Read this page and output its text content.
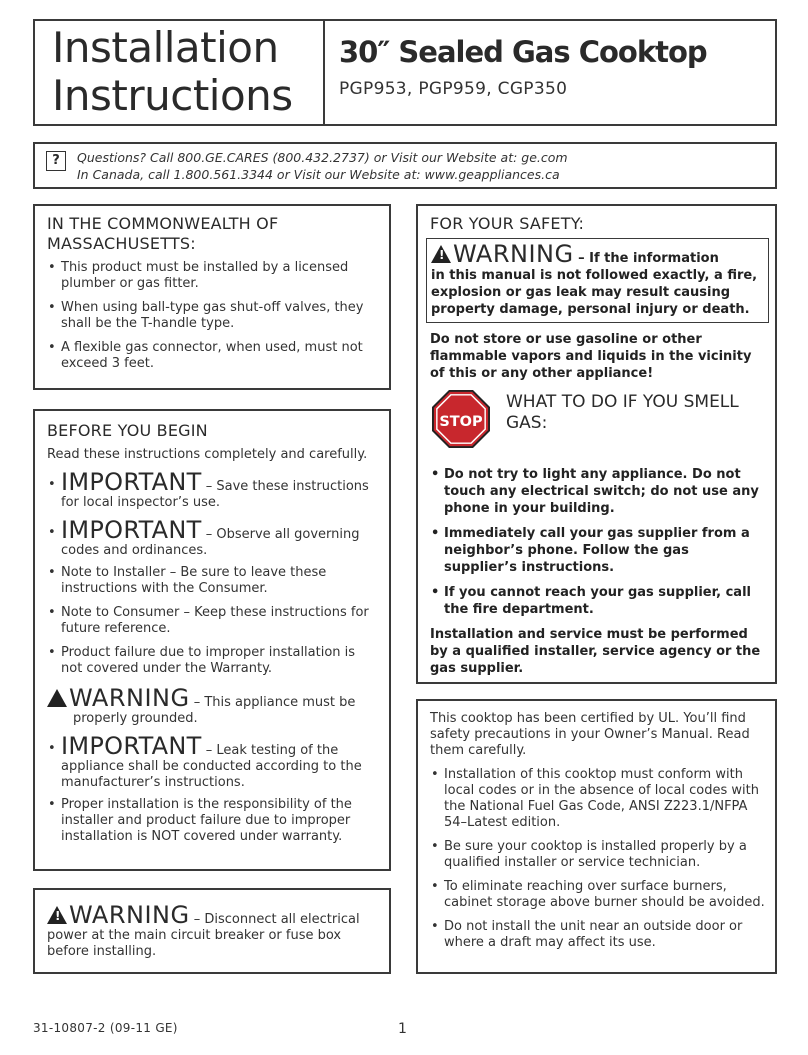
Installation
Instructions
30″ Sealed Gas Cooktop
PGP953, PGP959, CGP350
?	Questions? Call 800.GE.CARES (800.432.2737) or Visit our Website at: ge.com
In Canada, call 1.800.561.3344 or Visit our Website at: www.geappliances.ca
IN THE COMMONWEALTH OF
MASSACHUSETTS:
• This product must be installed by a licensed plumber or gas fitter.
• When using ball-type gas shut-off valves, they shall be the T-handle type.
• A flexible gas connector, when used, must not exceed 3 feet.
BEFORE YOU BEGIN
Read these instructions completely and carefully.
• IMPORTANT – Save these instructions for local inspector’s use.
• IMPORTANT – Observe all governing codes and ordinances.
• Note to Installer – Be sure to leave these instructions with the Consumer.
• Note to Consumer – Keep these instructions for future reference.
• Product failure due to improper installation is not covered under the Warranty.
!WARNING – This appliance must be properly grounded.
• IMPORTANT – Leak testing of the appliance shall be conducted according to the manufacturer’s instructions.
• Proper installation is the responsibility of the installer and product failure due to improper installation is NOT covered under warranty.
!WARNING – Disconnect all electrical power at the main circuit breaker or fuse box before installing.
FOR YOUR SAFETY:
!WARNING – If the information
in this manual is not followed exactly, a fire, explosion or gas leak may result causing property damage, personal injury or death.
Do not store or use gasoline or other flammable vapors and liquids in the vicinity of this or any other appliance!
STOP
WHAT TO DO IF YOU SMELL GAS:
• Do not try to light any appliance. Do not touch any electrical switch; do not use any phone in your building.
• Immediately call your gas supplier from a neighbor’s phone. Follow the gas supplier’s instructions.
• If you cannot reach your gas supplier, call the fire department.
Installation and service must be performed by a qualified installer, service agency or the gas supplier.
This cooktop has been certified by UL. You’ll find safety precautions in your Owner’s Manual. Read them carefully.
• Installation of this cooktop must conform with local codes or in the absence of local codes with the National Fuel Gas Code, ANSI Z223.1/NFPA 54–Latest edition.
• Be sure your cooktop is installed properly by a qualified installer or service technician.
• To eliminate reaching over surface burners, cabinet storage above burner should be avoided.
• Do not install the unit near an outside door or where a draft may affect its use.
31-10807-2 (09-11 GE)	1
